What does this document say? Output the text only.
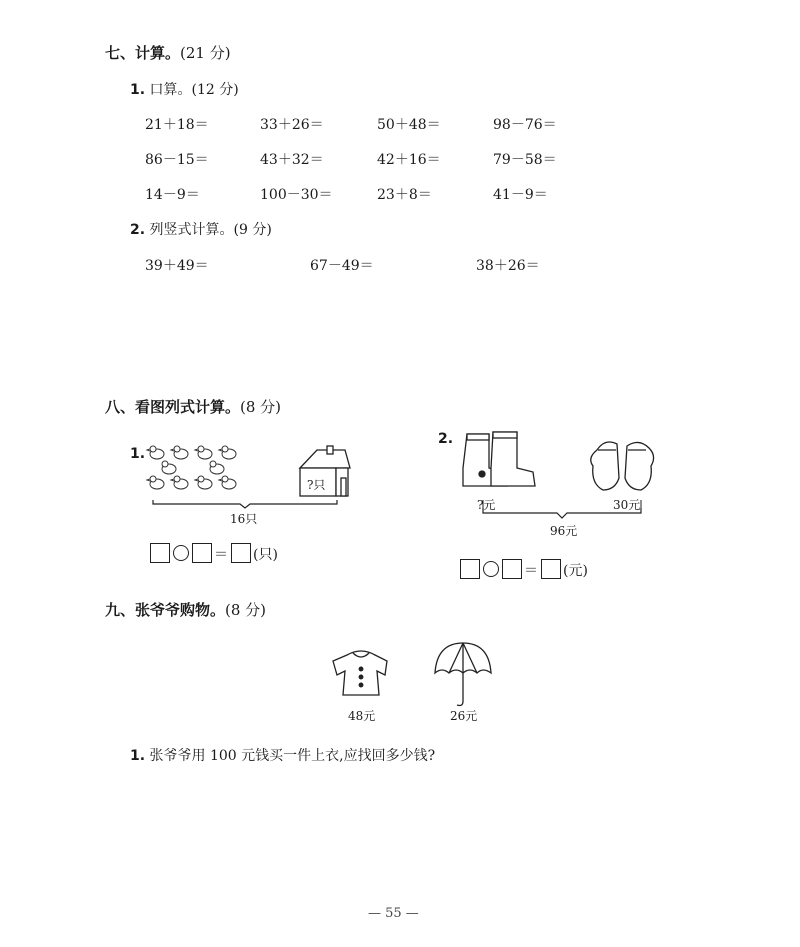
七、计算。(21 分)
1. 口算。(12 分)
21＋18＝	33＋26＝	50＋48＝	98－76＝
86－15＝	43＋32＝	42＋16＝	79－58＝
14－9＝	100－30＝	23＋8＝	41－9＝
2. 列竖式计算。(9 分)
39＋49＝	67－49＝	38＋26＝
八、看图列式计算。(8 分)
1.
?只
16只
＝ (只)
2.
?元	30元
96元
＝ (元)
九、张爷爷购物。(8 分)
48元	26元
1. 张爷爷用 100 元钱买一件上衣,应找回多少钱?
— 55 —
